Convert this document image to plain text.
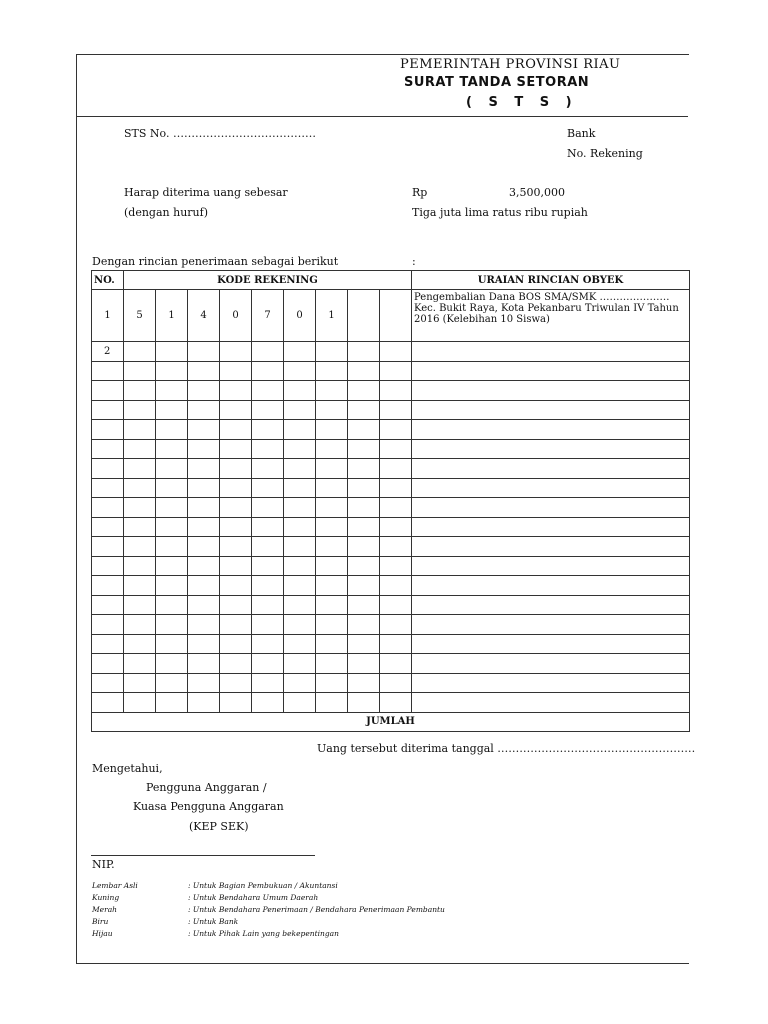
PEMERINTAH PROVINSI RIAU
SURAT TANDA SETORAN
( S T S )
STS No. …………………………………	Bank
No. Rekening
Harap diterima uang sebesar	Rp	3,500,000
(dengan huruf)	Tiga juta lima ratus ribu rupiah
Dengan rincian penerimaan sebagai berikut	:
NO.	KODE REKENING									URAIAN RINCIAN OBYEK
1	5	1	4	0	7	0	1			Pengembalian Dana BOS SMA/SMK ………………… Kec. Bukit Raya, Kota Pekanbaru Triwulan IV Tahun 2016 (Kelebihan 10 Siswa)
2										

JUMLAH										
Uang tersebut diterima tanggal ………………………………………………
Mengetahui,
Pengguna Anggaran /
Kuasa Pengguna Anggaran
(KEP SEK)
NIP.
Lembar Asli	: Untuk Bagian Pembukuan / Akuntansi
Kuning	: Untuk Bendahara Umum Daerah
Merah	: Untuk Bendahara Penerimaan / Bendahara Penerimaan Pembantu
Biru	: Untuk Bank
Hijau	: Untuk Pihak Lain yang bekepentingan
